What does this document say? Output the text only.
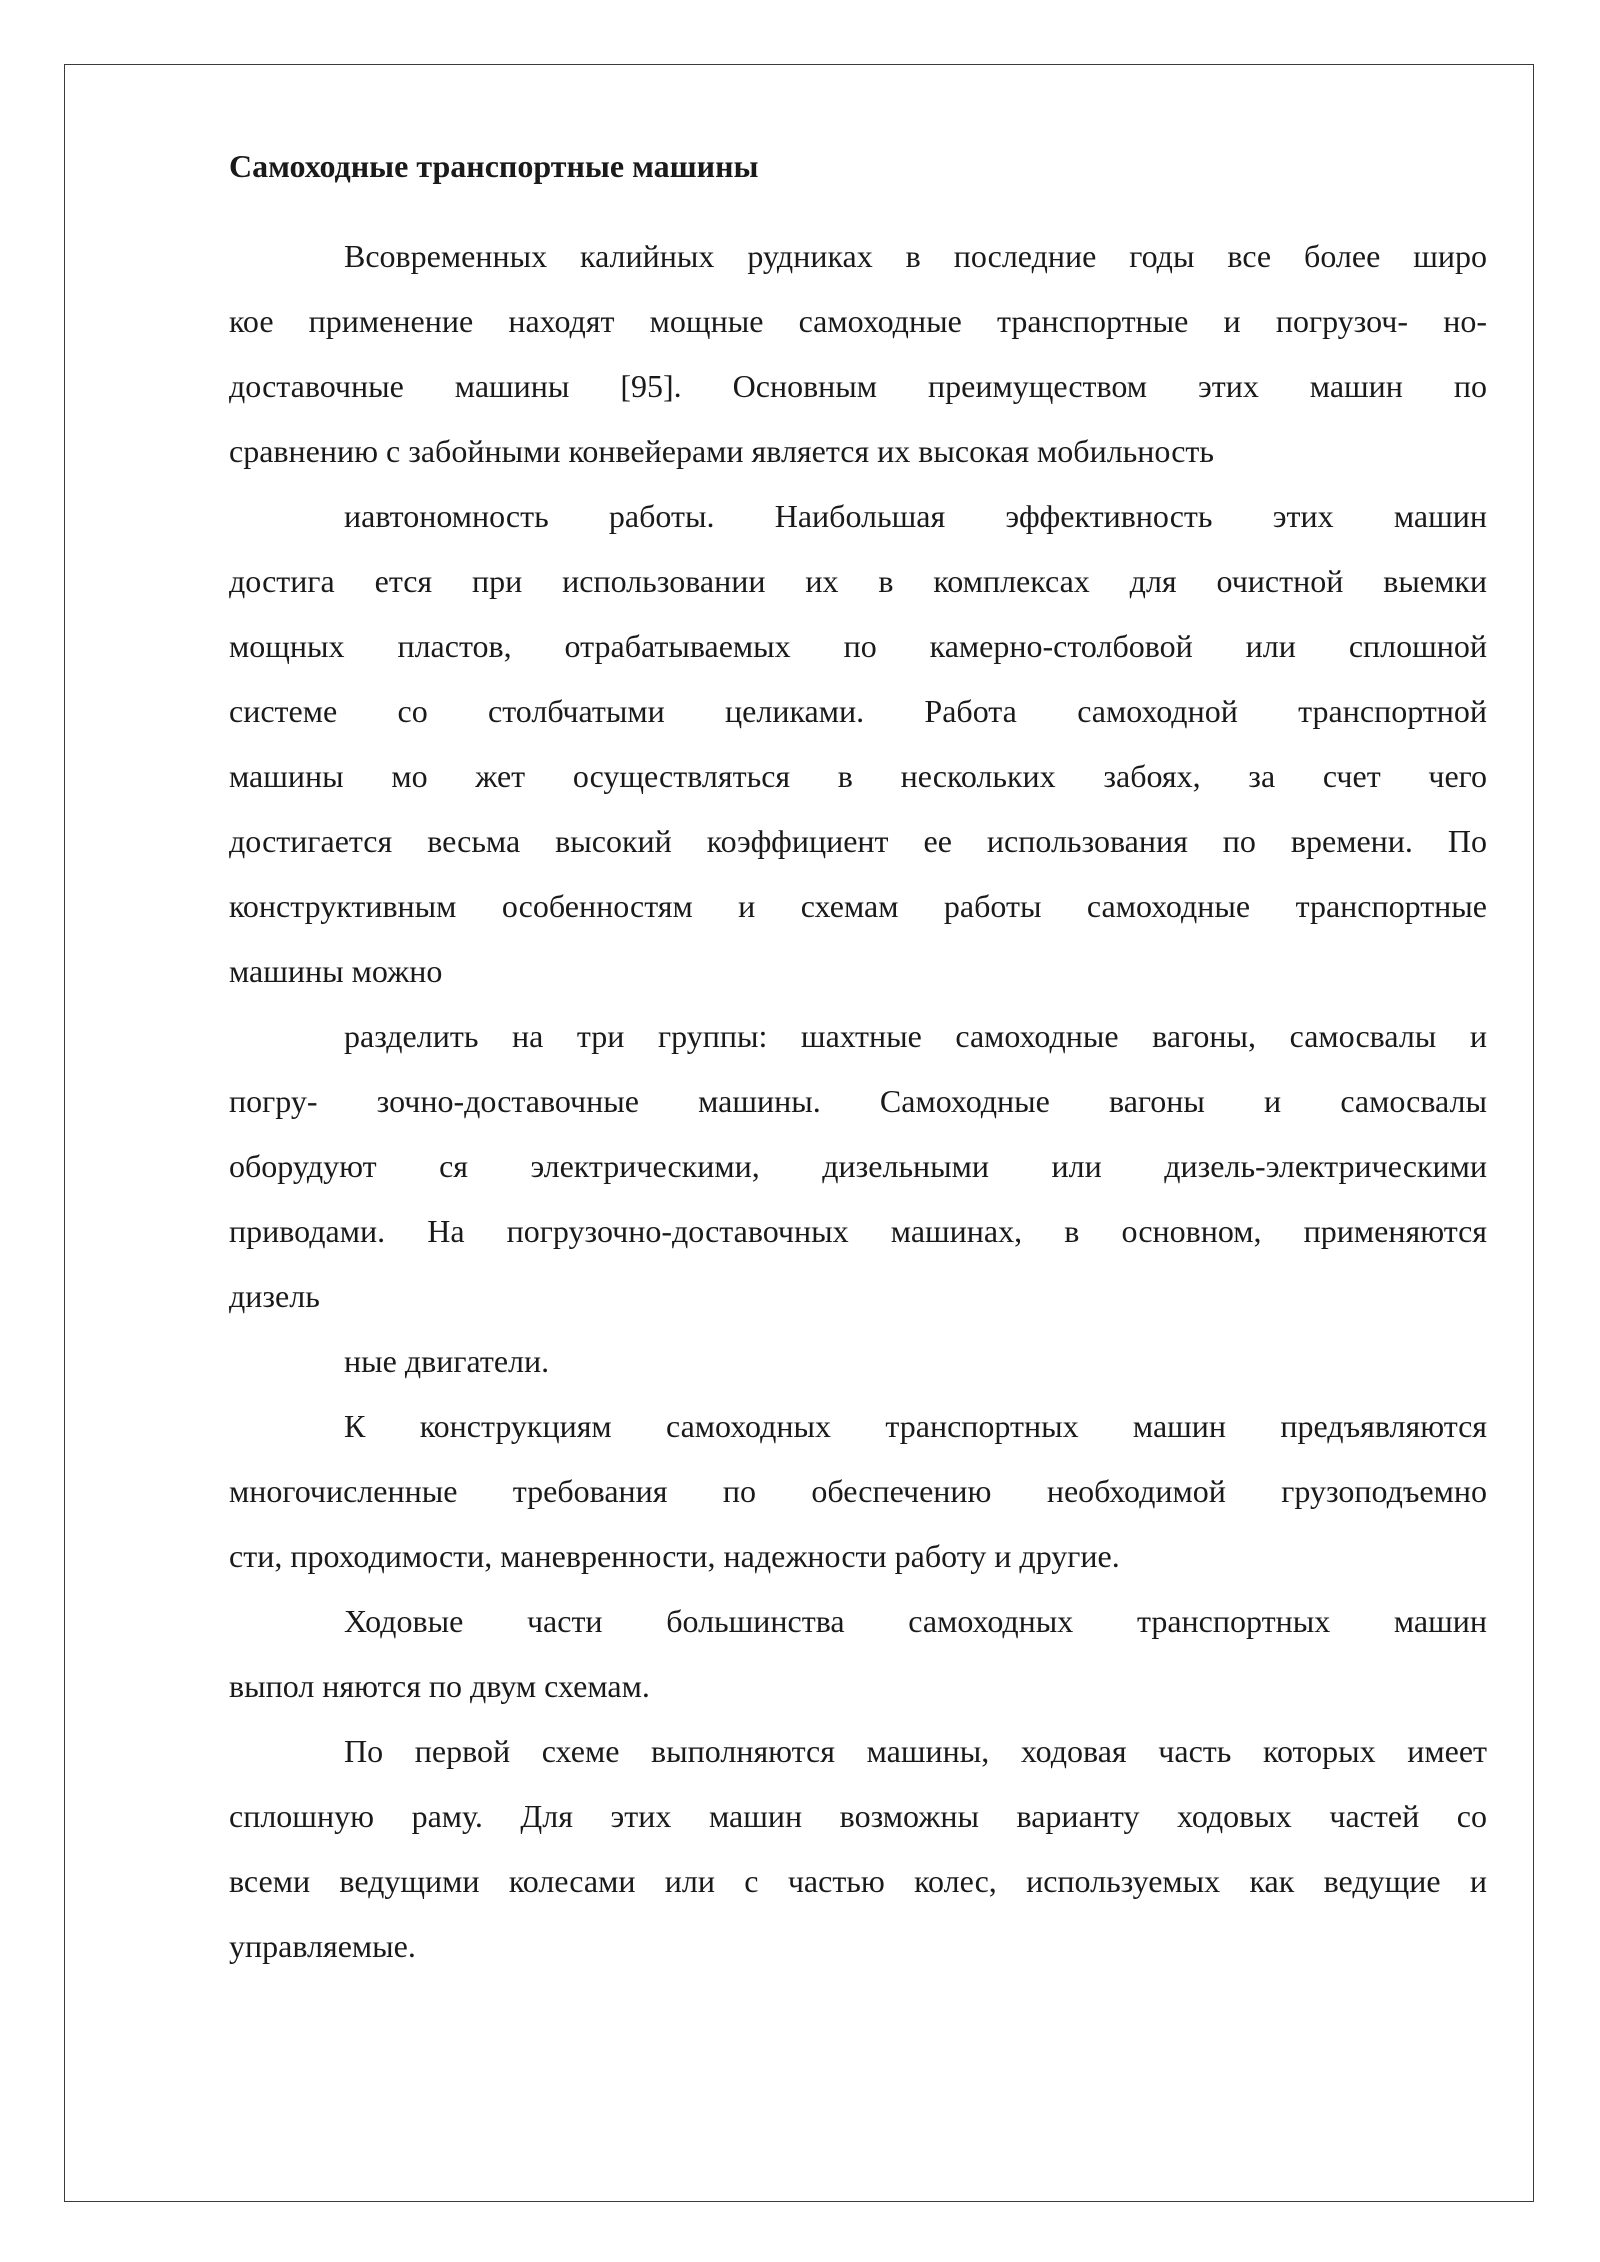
Самоходные транспортные машины

Всовременных калийных рудниках в последние годы все более широ

кое применение находят мощные самоходные транспортные и погрузоч- но-

доставочные машины [95]. Основным преимуществом этих машин по

сравнению с забойными конвейерами является их высокая мобильность

иавтономность работы. Наибольшая эффективность этих машин

достига ется при использовании их в комплексах для очистной выемки

мощных пластов, отрабатываемых по камерно-столбовой или сплошной

системе со столбчатыми целиками. Работа самоходной транспортной

машины мо жет осуществляться в нескольких забоях, за счет чего

достигается весьма высокий коэффициент ее использования по времени. По

конструктивным особенностям и схемам работы самоходные транспортные

машины можно

разделить на три группы: шахтные самоходные вагоны, самосвалы и

погру- зочно-доставочные машины. Самоходные вагоны и самосвалы

оборудуют ся электрическими, дизельными или дизель-электрическими

приводами. На погрузочно-доставочных машинах, в основном, применяются

дизель

ные двигатели.

К конструкциям самоходных транспортных машин предъявляются

многочисленные требования по обеспечению необходимой грузоподъемно

сти, проходимости, маневренности, надежности работу и другие.

Ходовые части большинства самоходных транспортных машин

выпол няются по двум схемам.

По первой схеме выполняются машины, ходовая часть которых имеет

сплошную раму. Для этих машин возможны варианту ходовых частей со

всеми ведущими колесами или с частью колес, используемых как ведущие и

управляемые.
